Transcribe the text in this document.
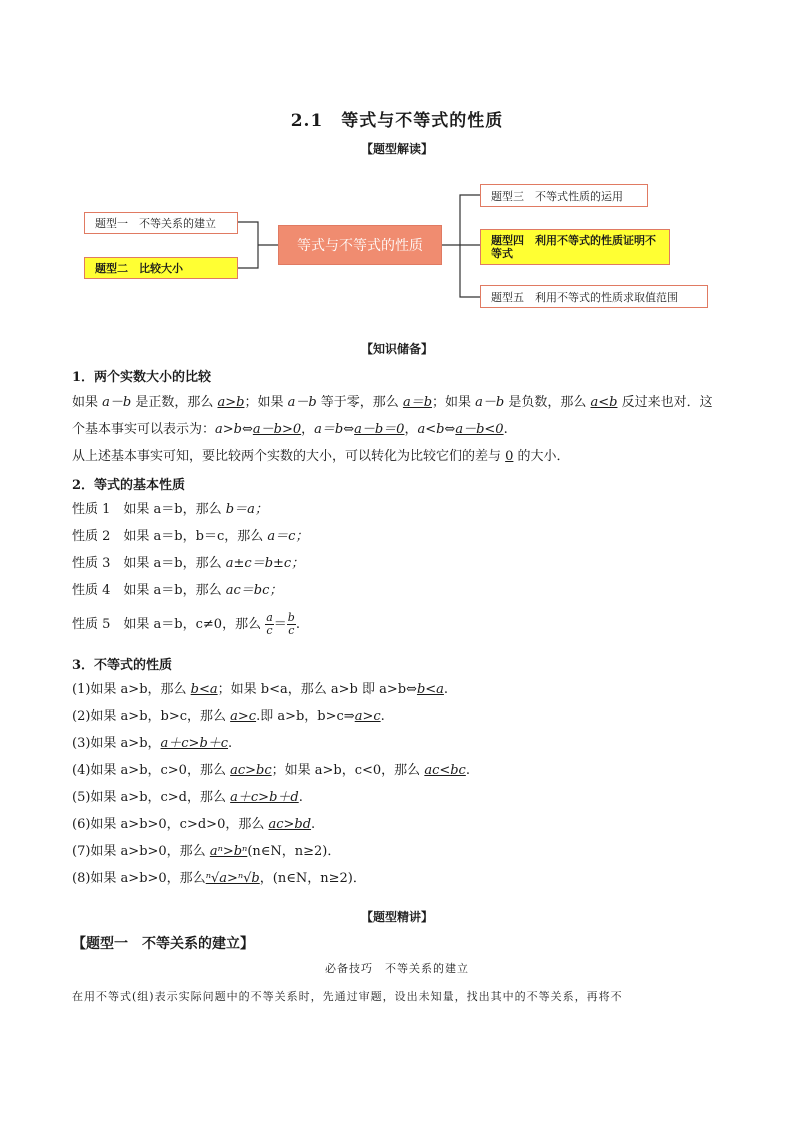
2.1 等式与不等式的性质
【题型解读】
题型一　不等关系的建立
题型二　比较大小
等式与不等式的性质
题型三　不等式性质的运用
题型四　利用不等式的性质证明不等式
题型五　利用不等式的性质求取值范围
【知识储备】
1．两个实数大小的比较
如果 a－b 是正数，那么 a>b；如果 a－b 等于零，那么 a＝b；如果 a－b 是负数，那么 a<b 反过来也对．这
个基本事实可以表示为：a>b⇔a－b>0，a＝b⇔a－b＝0，a<b⇔a－b<0.
从上述基本事实可知，要比较两个实数的大小，可以转化为比较它们的差与 0 的大小．
2．等式的基本性质
性质 1　 如果 a＝b，那么 b＝a；
性质 2　 如果 a＝b，b＝c，那么 a＝c；
性质 3　 如果 a＝b，那么 a±c＝b±c；
性质 4　 如果 a＝b，那么 ac＝bc；
性质 5　 如果 a＝b，c≠0，那么 $\frac{a}{c} = \frac{b}{c}$ .
3．不等式的性质
(1)如果 a>b，那么 b<a；如果 b<a，那么 a>b 即 a>b⇔b<a.
(2)如果 a>b，b>c，那么 a>c.即 a>b，b>c⇒a>c.
(3)如果 a>b，a＋c>b＋c.
(4)如果 a>b，c>0，那么 ac>bc；如果 a>b，c<0，那么 ac<bc.
(5)如果 a>b，c>d，那么 a＋c>b＋d.
(6)如果 a>b>0，c>d>0，那么 ac>bd.
(7)如果 a>b>0，那么 aⁿ>bⁿ(n∈N，n≥2)．
(8)如果 a>b>0，那么ⁿ√a>ⁿ√b，(n∈N，n≥2)．
【题型精讲】
【题型一　不等关系的建立】
必备技巧　不等关系的建立
在用不等式(组)表示实际问题中的不等关系时，先通过审题，设出未知量，找出其中的不等关系，再将不
